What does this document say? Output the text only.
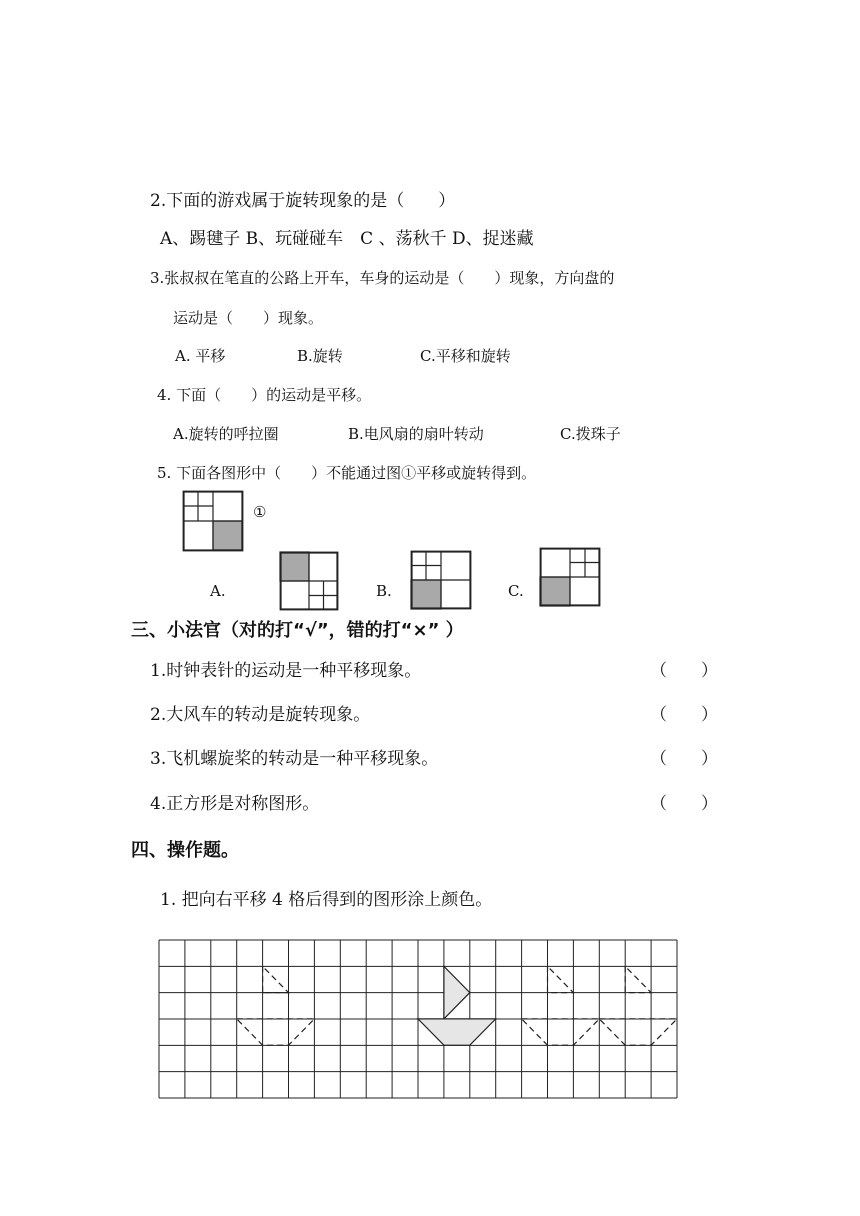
2.下面的游戏属于旋转现象的是（　　）
A、踢毽子 B、玩碰碰车　C 、荡秋千 D、捉迷藏
3.张叔叔在笔直的公路上开车，车身的运动是（　　）现象，方向盘的
运动是（　　）现象。
A. 平移	B.旋转	C.平移和旋转
4. 下面（　　）的运动是平移。
A.旋转的呼拉圈	B.电风扇的扇叶转动	C.拨珠子
5. 下面各图形中（　　）不能通过图①平移或旋转得到。
①
A.	B.	C.
三、小法官（对的打“√”，错的打“×” ）
1.时钟表针的运动是一种平移现象。	（　　）
2.大风车的转动是旋转现象。	（　　）
3.飞机螺旋桨的转动是一种平移现象。	（　　）
4.正方形是对称图形。	（　　）
四、操作题。
1. 把向右平移 4 格后得到的图形涂上颜色。
